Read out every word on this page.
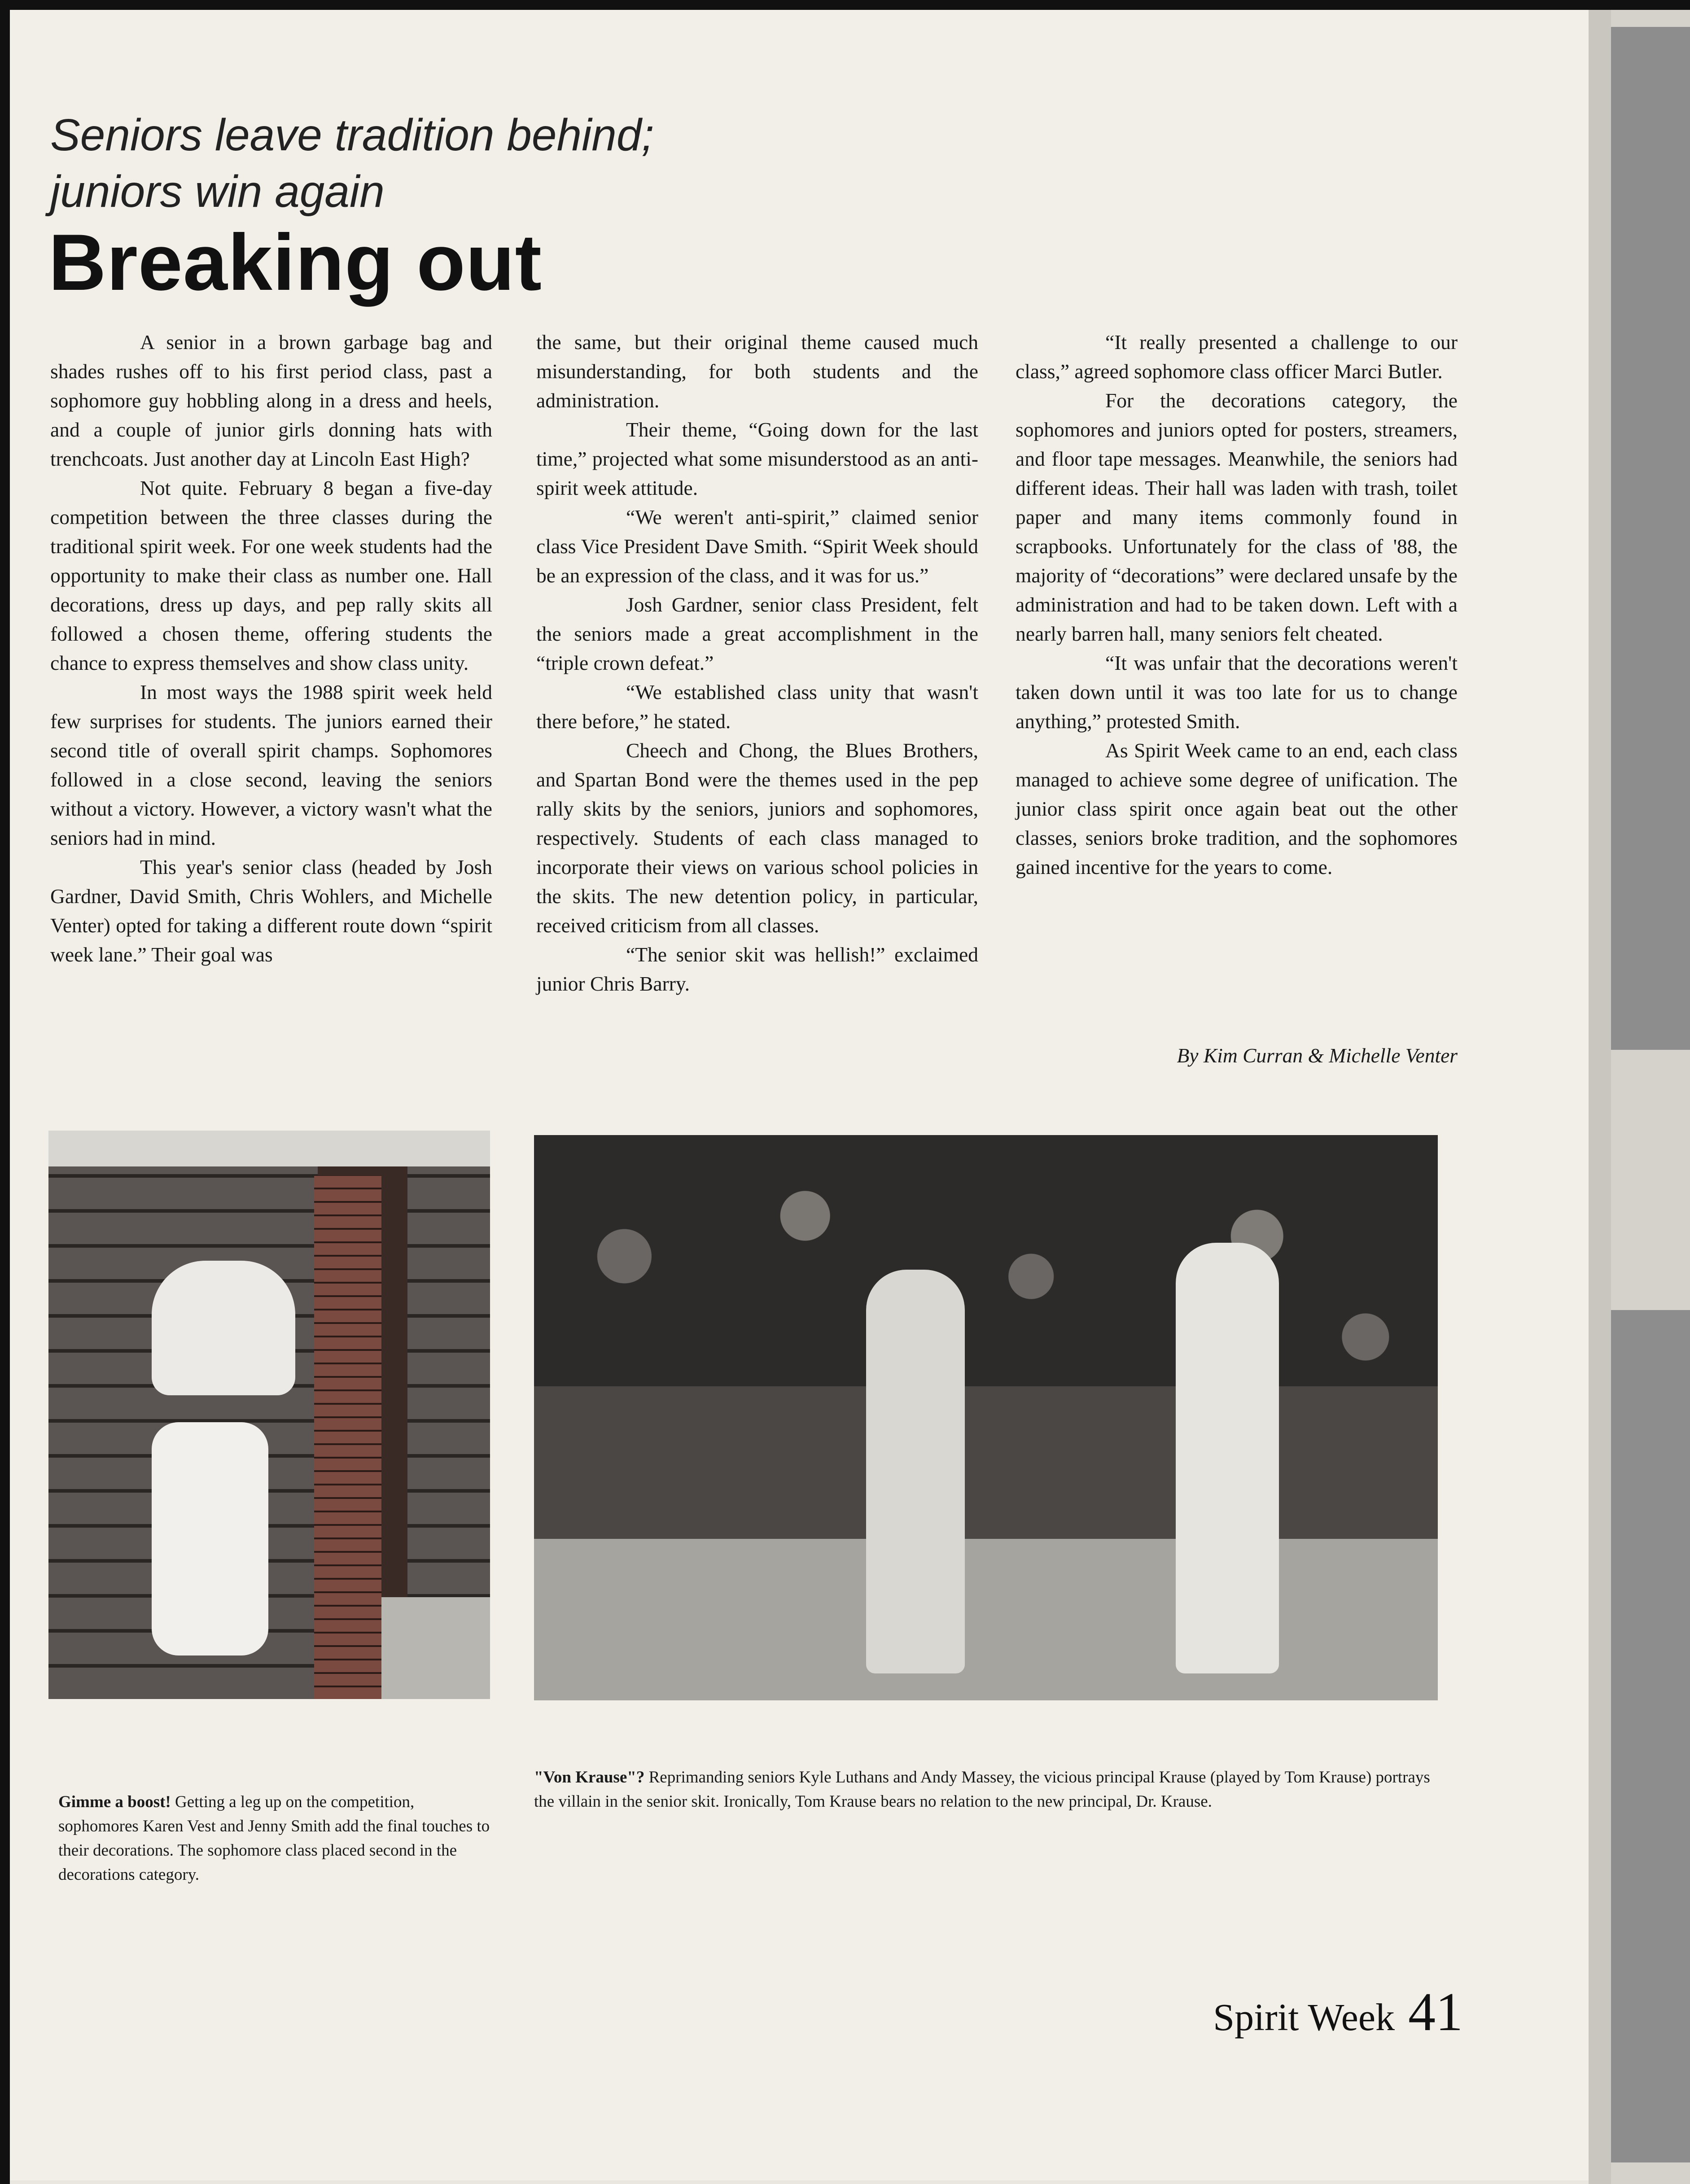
Seniors leave tradition behind;
juniors win again
Breaking out

A senior in a brown garbage bag and shades rushes off to his first period class, past a sophomore guy hobbling along in a dress and heels, and a couple of junior girls donning hats with trenchcoats. Just another day at Lincoln East High?

Not quite. February 8 began a five-day competition between the three classes during the traditional spirit week. For one week students had the opportunity to make their class as number one. Hall decorations, dress up days, and pep rally skits all followed a chosen theme, offering students the chance to express themselves and show class unity.

In most ways the 1988 spirit week held few surprises for students. The juniors earned their second title of overall spirit champs. Sophomores followed in a close second, leaving the seniors without a victory. However, a victory wasn't what the seniors had in mind.

This year's senior class (headed by Josh Gardner, David Smith, Chris Wohlers, and Michelle Venter) opted for taking a different route down “spirit week lane.” Their goal was

the same, but their original theme caused much misunderstanding, for both students and the administration.

Their theme, “Going down for the last time,” projected what some misunderstood as an anti-spirit week attitude.

“We weren't anti-spirit,” claimed senior class Vice President Dave Smith. “Spirit Week should be an expression of the class, and it was for us.”

Josh Gardner, senior class President, felt the seniors made a great accomplishment in the “triple crown defeat.”

“We established class unity that wasn't there before,” he stated.

Cheech and Chong, the Blues Brothers, and Spartan Bond were the themes used in the pep rally skits by the seniors, juniors and sophomores, respectively. Students of each class managed to incorporate their views on various school policies in the skits. The new detention policy, in particular, received criticism from all classes.

“The senior skit was hellish!” exclaimed junior Chris Barry.

“It really presented a challenge to our class,” agreed sophomore class officer Marci Butler.

For the decorations category, the sophomores and juniors opted for posters, streamers, and floor tape messages. Meanwhile, the seniors had different ideas. Their hall was laden with trash, toilet paper and many items commonly found in scrapbooks. Unfortunately for the class of '88, the majority of “decorations” were declared unsafe by the administration and had to be taken down. Left with a nearly barren hall, many seniors felt cheated.

“It was unfair that the decorations weren't taken down until it was too late for us to change anything,” protested Smith.

As Spirit Week came to an end, each class managed to achieve some degree of unification. The junior class spirit once again beat out the other classes, seniors broke tradition, and the sophomores gained incentive for the years to come.

By Kim Curran & Michelle Venter
Gimme a boost! Getting a leg up on the competition, sophomores Karen Vest and Jenny Smith add the final touches to their decorations. The sophomore class placed second in the decorations category.
"Von Krause"? Reprimanding seniors Kyle Luthans and Andy Massey, the vicious principal Krause (played by Tom Krause) portrays the villain in the senior skit. Ironically, Tom Krause bears no relation to the new principal, Dr. Krause.
Spirit Week 41
